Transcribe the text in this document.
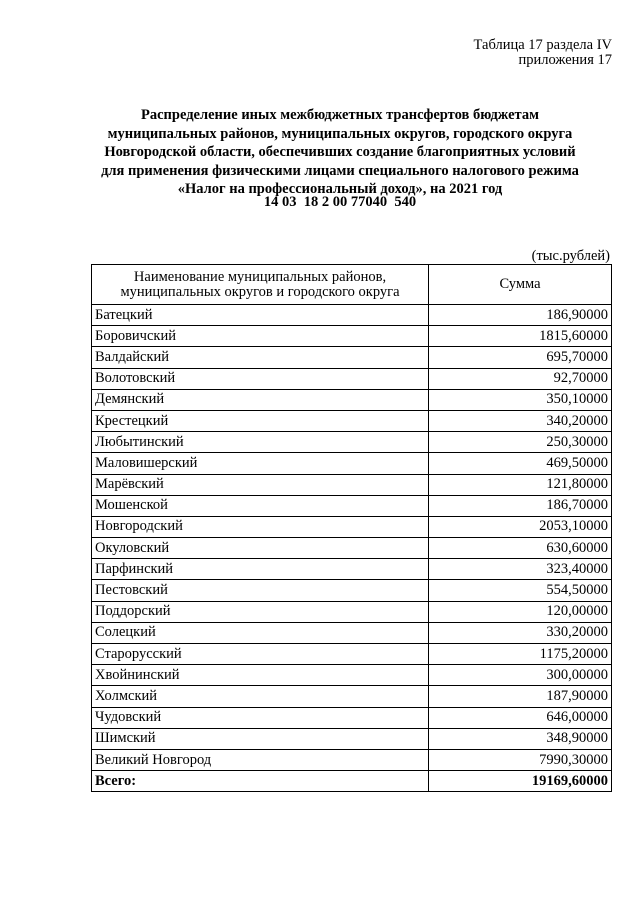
Таблица 17 раздела IV
приложения 17
Распределение иных межбюджетных трансфертов бюджетам
муниципальных районов, муниципальных округов, городского округа
Новгородской области, обеспечивших создание благоприятных условий
для применения физическими лицами специального налогового режима
«Налог на профессиональный доход», на 2021 год
14 03  18 2 00 77040  540
(тыс.рублей)
Наименование муниципальных районов,
муниципальных округов и городского округа	Сумма
Батецкий	186,90000
Боровичский	1815,60000
Валдайский	695,70000
Волотовский	92,70000
Демянский	350,10000
Крестецкий	340,20000
Любытинский	250,30000
Маловишерский	469,50000
Марёвский	121,80000
Мошенской	186,70000
Новгородский	2053,10000
Окуловский	630,60000
Парфинский	323,40000
Пестовский	554,50000
Поддорский	120,00000
Солецкий	330,20000
Старорусский	1175,20000
Хвойнинский	300,00000
Холмский	187,90000
Чудовский	646,00000
Шимский	348,90000
Великий Новгород	7990,30000
Всего:	19169,60000
